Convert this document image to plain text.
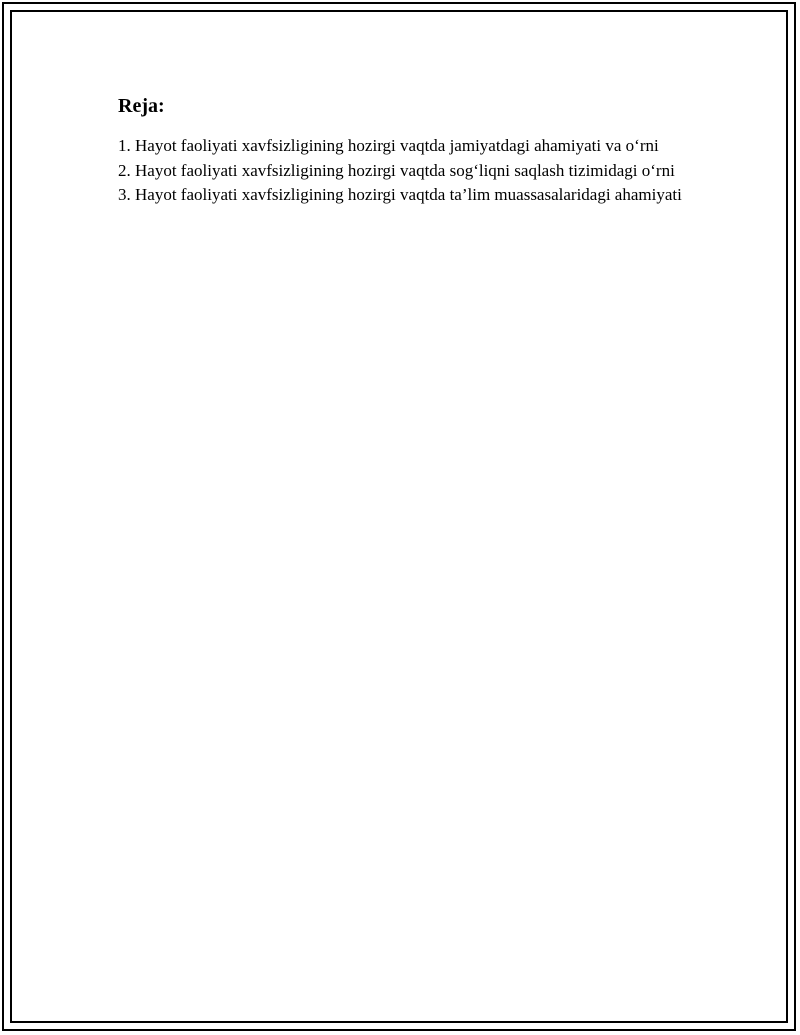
Reja:
1. Hayot faoliyati xavfsizligining hozirgi vaqtda jamiyatdagi ahamiyati va o‘rni
2. Hayot faoliyati xavfsizligining hozirgi vaqtda sog‘liqni saqlash tizimidagi o‘rni
3. Hayot faoliyati xavfsizligining hozirgi vaqtda ta’lim muassasalaridagi ahamiyati
